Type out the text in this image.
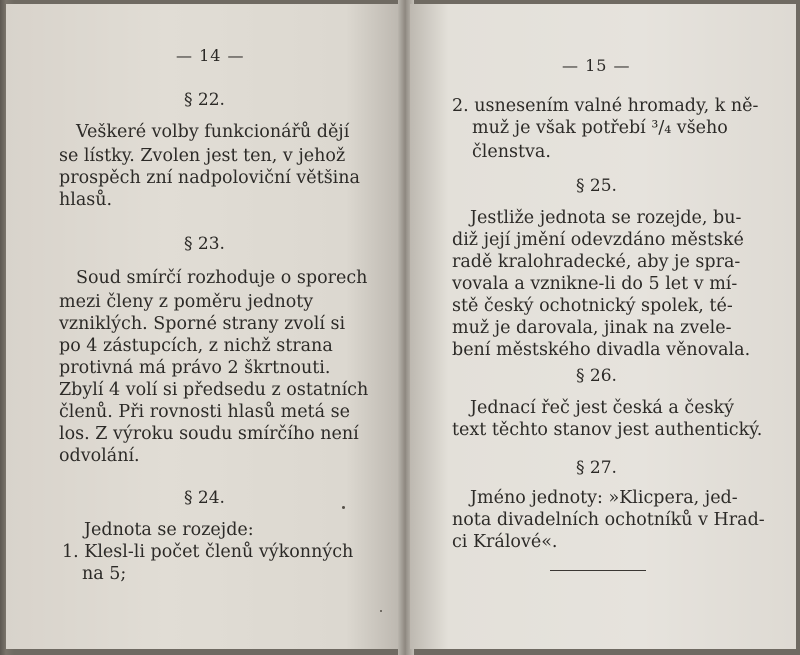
— 14 —
§ 22.
Veškeré volby funkcionářů dějí
se lístky. Zvolen jest ten, v jehož
prospěch zní nadpoloviční většina
hlasů.
§ 23.
Soud smírčí rozhoduje o sporech
mezi členy z poměru jednoty
vzniklých. Sporné strany zvolí si
po 4 zástupcích, z nichž strana
protivná má právo 2 škrtnouti.
Zbylí 4 volí si předsedu z ostatních
členů. Při rovnosti hlasů metá se
los. Z výroku soudu smírčího není
odvolání.
§ 24.
Jednota se rozejde:
1. Klesl-li počet členů výkonných
na 5;
— 15 —
2. usnesením valné hromady, k ně-
muž je však potřebí ³/₄ všeho
členstva.
§ 25.
Jestliže jednota se rozejde, bu-
diž její jmění odevzdáno městské
radě kralohradecké, aby je spra-
vovala a vznikne-li do 5 let v mí-
stě český ochotnický spolek, té-
muž je darovala, jinak na zvele-
bení městského divadla věnovala.
§ 26.
Jednací řeč jest česká a český
text těchto stanov jest authentický.
§ 27.
Jméno jednoty: »Klicpera, jed-
nota divadelních ochotníků v Hrad-
ci Králové«.
